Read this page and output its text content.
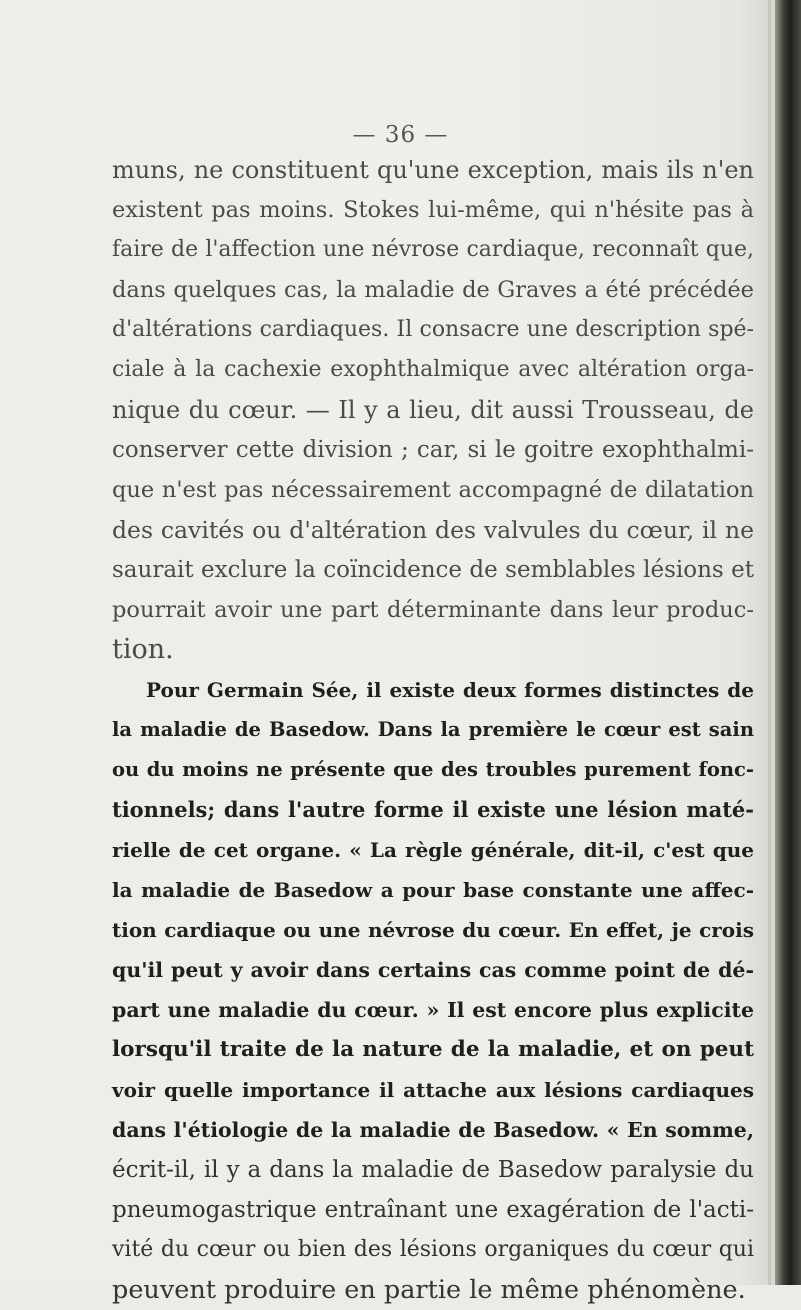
— 36 —
muns, ne constituent qu'une exception, mais ils n'en
existent pas moins. Stokes lui-même, qui n'hésite pas à
faire de l'affection une névrose cardiaque, reconnaît que,
dans quelques cas, la maladie de Graves a été précédée
d'altérations cardiaques. Il consacre une description spé-
ciale à la cachexie exophthalmique avec altération orga-
nique du cœur. — Il y a lieu, dit aussi Trousseau, de
conserver cette division ; car, si le goitre exophthalmi-
que n'est pas nécessairement accompagné de dilatation
des cavités ou d'altération des valvules du cœur, il ne
saurait exclure la coïncidence de semblables lésions et
pourrait avoir une part déterminante dans leur produc-
tion.
Pour Germain Sée, il existe deux formes distinctes de
la maladie de Basedow. Dans la première le cœur est sain
ou du moins ne présente que des troubles purement fonc-
tionnels; dans l'autre forme il existe une lésion maté-
rielle de cet organe. « La règle générale, dit-il, c'est que
la maladie de Basedow a pour base constante une affec-
tion cardiaque ou une névrose du cœur. En effet, je crois
qu'il peut y avoir dans certains cas comme point de dé-
part une maladie du cœur. » Il est encore plus explicite
lorsqu'il traite de la nature de la maladie, et on peut
voir quelle importance il attache aux lésions cardiaques
dans l'étiologie de la maladie de Basedow. « En somme,
écrit-il, il y a dans la maladie de Basedow paralysie du
pneumogastrique entraînant une exagération de l'acti-
vité du cœur ou bien des lésions organiques du cœur qui
peuvent produire en partie le même phénomène.
